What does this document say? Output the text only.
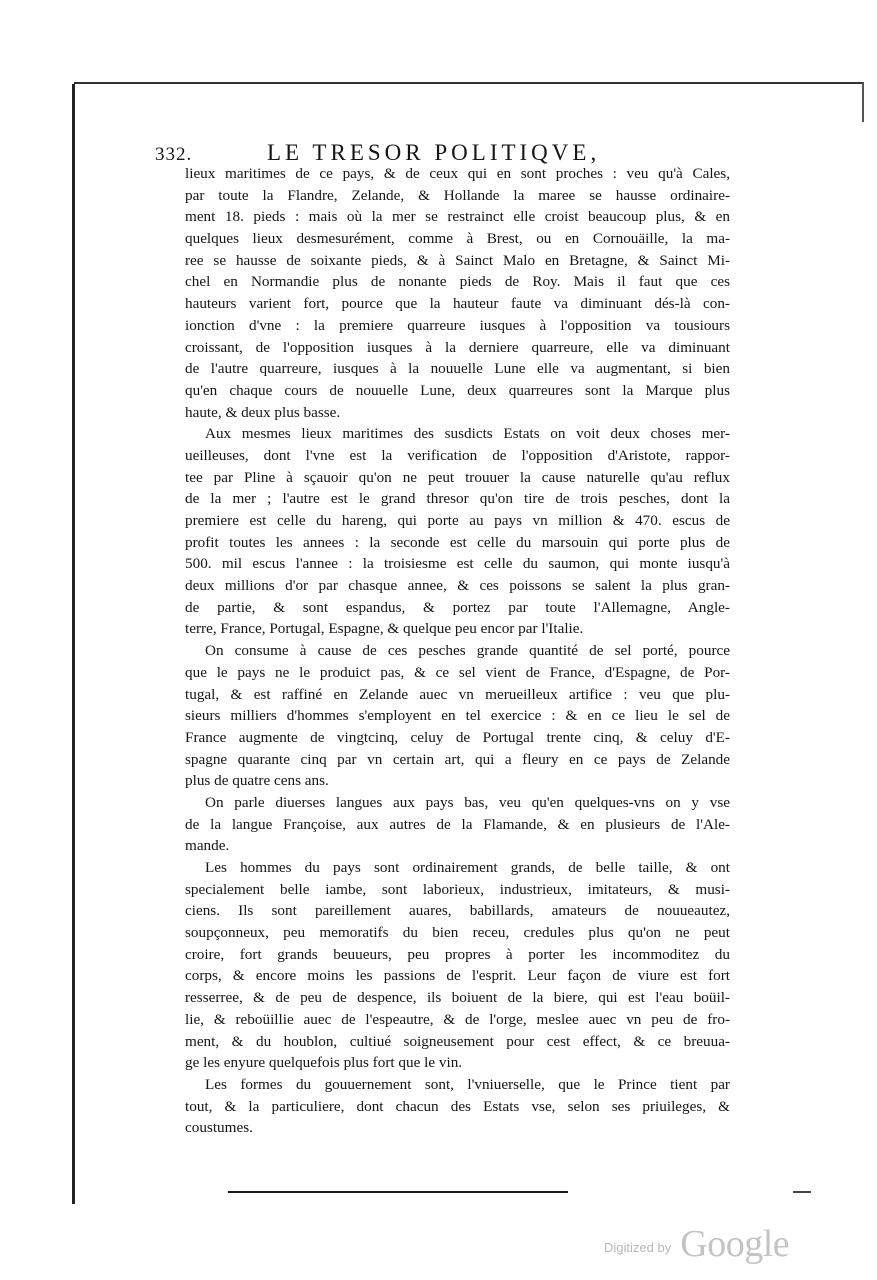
332.	LE TRESOR POLITIQVE,
lieux maritimes de ce pays, & de ceux qui en sont proches : veu qu'à Cales,
par toute la Flandre, Zelande, & Hollande la maree se hausse ordinaire-
ment 18. pieds : mais où la mer se restrainct elle croist beaucoup plus, & en
quelques lieux desmesurément, comme à Brest, ou en Cornouäille, la ma-
ree se hausse de soixante pieds, & à Sainct Malo en Bretagne, & Sainct Mi-
chel en Normandie plus de nonante pieds de Roy. Mais il faut que ces
hauteurs varient fort, pource que la hauteur faute va diminuant dés-là con-
ionction d'vne : la premiere quarreure iusques à l'opposition va tousiours
croissant, de l'opposition iusques à la derniere quarreure, elle va diminuant
de l'autre quarreure, iusques à la nouuelle Lune elle va augmentant, si bien
qu'en chaque cours de nouuelle Lune, deux quarreures sont la Marque plus
haute, & deux plus basse.
Aux mesmes lieux maritimes des susdicts Estats on voit deux choses mer-
ueilleuses, dont l'vne est la verification de l'opposition d'Aristote, rappor-
tee par Pline à sçauoir qu'on ne peut trouuer la cause naturelle qu'au reflux
de la mer ; l'autre est le grand thresor qu'on tire de trois pesches, dont la
premiere est celle du hareng, qui porte au pays vn million & 470. escus de
profit toutes les annees : la seconde est celle du marsouin qui porte plus de
500. mil escus l'annee : la troisiesme est celle du saumon, qui monte iusqu'à
deux millions d'or par chasque annee, & ces poissons se salent la plus gran-
de partie, & sont espandus, & portez par toute l'Allemagne, Angle-
terre, France, Portugal, Espagne, & quelque peu encor par l'Italie.
On consume à cause de ces pesches grande quantité de sel porté, pource
que le pays ne le produict pas, & ce sel vient de France, d'Espagne, de Por-
tugal, & est raffiné en Zelande auec vn merueilleux artifice : veu que plu-
sieurs milliers d'hommes s'employent en tel exercice : & en ce lieu le sel de
France augmente de vingtcinq, celuy de Portugal trente cinq, & celuy d'E-
spagne quarante cinq par vn certain art, qui a fleury en ce pays de Zelande
plus de quatre cens ans.
On parle diuerses langues aux pays bas, veu qu'en quelques-vns on y vse
de la langue Françoise, aux autres de la Flamande, & en plusieurs de l'Ale-
mande.
Les hommes du pays sont ordinairement grands, de belle taille, & ont
specialement belle iambe, sont laborieux, industrieux, imitateurs, & musi-
ciens. Ils sont pareillement auares, babillards, amateurs de nouueautez,
soupçonneux, peu memoratifs du bien receu, credules plus qu'on ne peut
croire, fort grands beuueurs, peu propres à porter les incommoditez du
corps, & encore moins les passions de l'esprit. Leur façon de viure est fort
resserree, & de peu de despence, ils boiuent de la biere, qui est l'eau boüil-
lie, & reboüillie auec de l'espeautre, & de l'orge, meslee auec vn peu de fro-
ment, & du houblon, cultiué soigneusement pour cest effect, & ce breuua-
ge les enyure quelquefois plus fort que le vin.
Les formes du gouuernement sont, l'vniuerselle, que le Prince tient par
tout, & la particuliere, dont chacun des Estats vse, selon ses priuileges, &
coustumes.
$^{Digitized by}$ Google
